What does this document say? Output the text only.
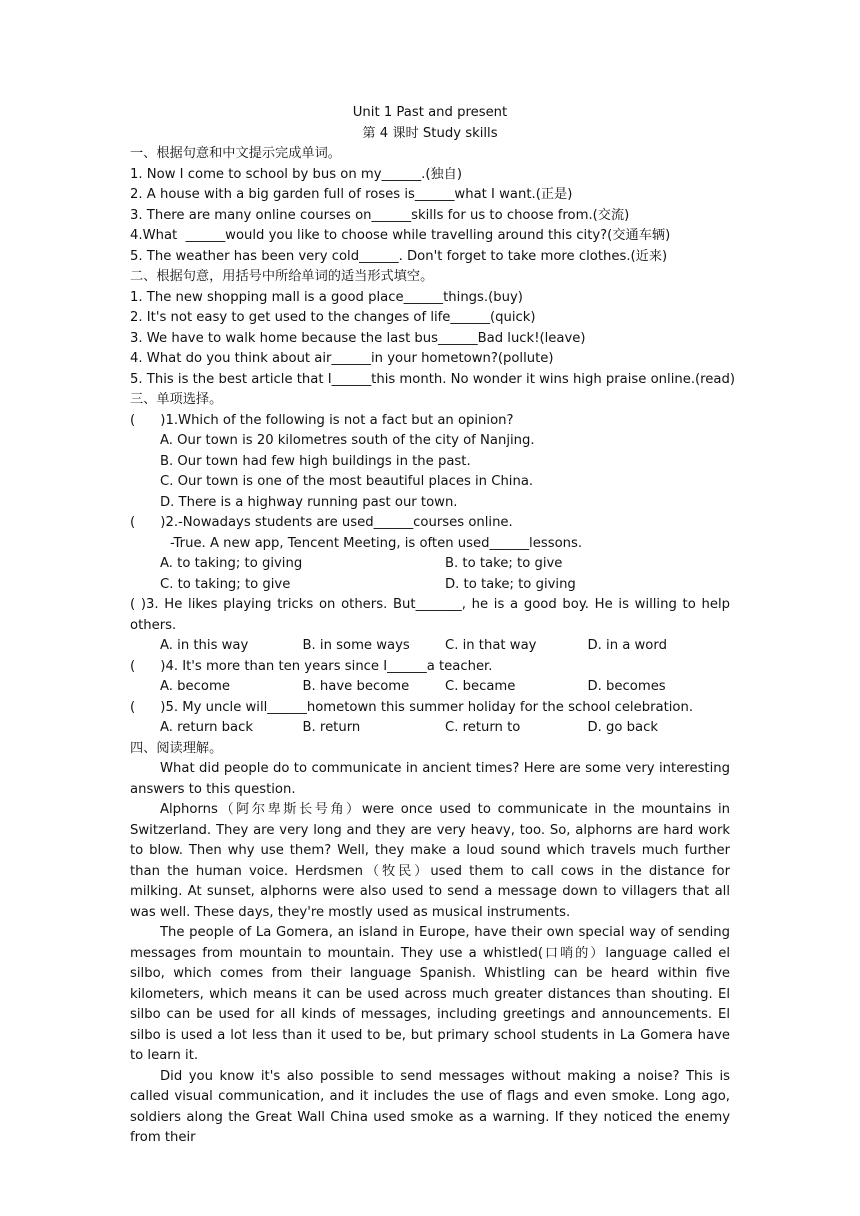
Unit 1 Past and present
第 4 课时 Study skills
一、根据句意和中文提示完成单词。
1. Now I come to school by bus on my______.(独自)
2. A house with a big garden full of roses is______what I want.(正是)
3. There are many online courses on______skills for us to choose from.(交流)
4.What  ______would you like to choose while travelling around this city?(交通车辆)
5. The weather has been very cold______. Don't forget to take more clothes.(近来)
二、根据句意，用括号中所给单词的适当形式填空。
1. The new shopping mall is a good place______things.(buy)
2. It's not easy to get used to the changes of life______(quick)
3. We have to walk home because the last bus______Bad luck!(leave)
4. What do you think about air______in your hometown?(pollute)
5. This is the best article that I______this month. No wonder it wins high praise online.(read)
三、单项选择。
(      )1.Which of the following is not a fact but an opinion?
A. Our town is 20 kilometres south of the city of Nanjing.
B. Our town had few high buildings in the past.
C. Our town is one of the most beautiful places in China.
D. There is a highway running past our town.
(      )2.-Nowadays students are used______courses online.
-True. A new app, Tencent Meeting, is often used______lessons.
A. to taking; to giving	B. to take; to give
C. to taking; to give	D. to take; to giving
( )3. He likes playing tricks on others. But_______, he is a good boy. He is willing to help others.
A. in this way	B. in some ways	C. in that way	D. in a word
(      )4. It's more than ten years since I______a teacher.
A. become	B. have become	C. became	D. becomes
(      )5. My uncle will______hometown this summer holiday for the school celebration.
A. return back	B. return	C. return to	D. go back
四、阅读理解。
What did people do to communicate in ancient times? Here are some very interesting answers to this question.
Alphorns（阿尔卑斯长号角）were once used to communicate in the mountains in Switzerland. They are very long and they are very heavy, too. So, alphorns are hard work to blow. Then why use them? Well, they make a loud sound which travels much further than the human voice. Herdsmen（牧民）used them to call cows in the distance for milking. At sunset, alphorns were also used to send a message down to villagers that all was well. These days, they're mostly used as musical instruments.
The people of La Gomera, an island in Europe, have their own special way of sending messages from mountain to mountain. They use a whistled(口哨的）language called el silbo, which comes from their language Spanish. Whistling can be heard within five kilometers, which means it can be used across much greater distances than shouting. El silbo can be used for all kinds of messages, including greetings and announcements. El silbo is used a lot less than it used to be, but primary school students in La Gomera have to learn it.
Did you know it's also possible to send messages without making a noise? This is called visual communication, and it includes the use of flags and even smoke. Long ago, soldiers along the Great Wall China used smoke as a warning. If they noticed the enemy from their
